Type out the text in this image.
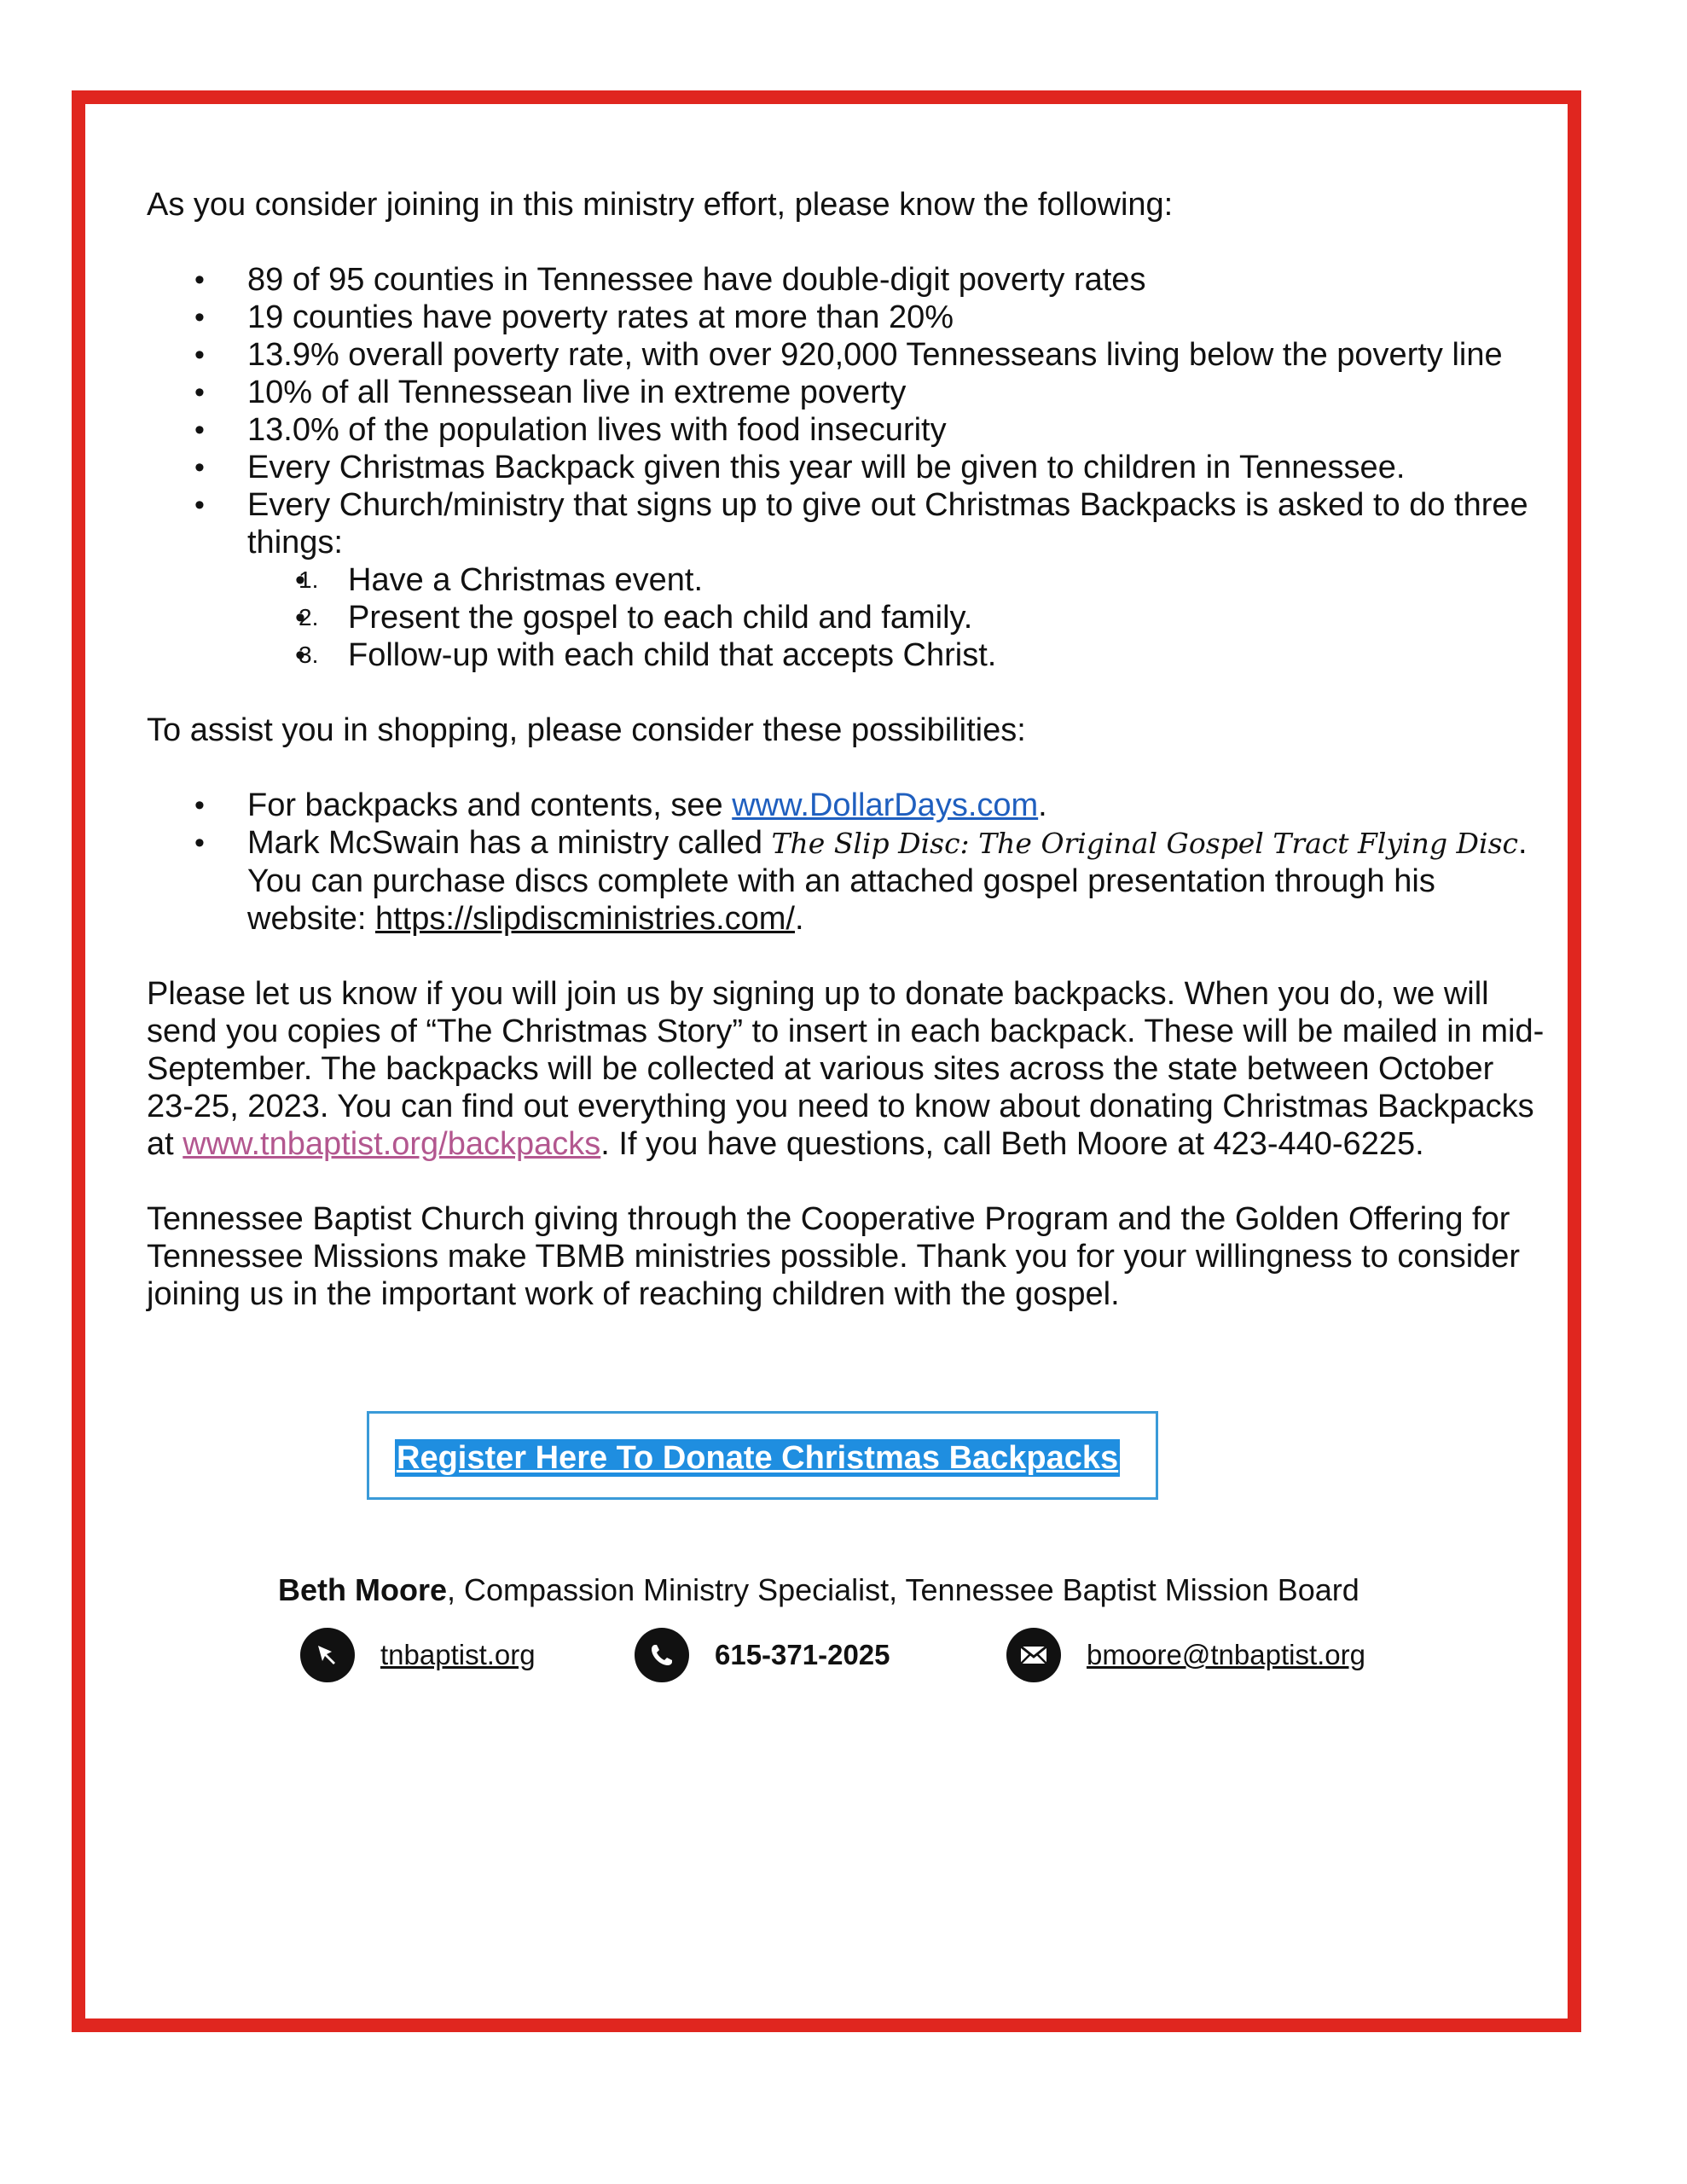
As you consider joining in this ministry effort, please know the following:

• 89 of 95 counties in Tennessee have double-digit poverty rates
• 19 counties have poverty rates at more than 20%
• 13.9% overall poverty rate, with over 920,000 Tennesseans living below the poverty line
• 10% of all Tennessean live in extreme poverty
• 13.0% of the population lives with food insecurity
• Every Christmas Backpack given this year will be given to children in Tennessee.
• Every Church/ministry that signs up to give out Christmas Backpacks is asked to do three things:
• 1. Have a Christmas event.
• 2. Present the gospel to each child and family.
• 3. Follow-up with each child that accepts Christ.

To assist you in shopping, please consider these possibilities:

• For backpacks and contents, see www.DollarDays.com.
• Mark McSwain has a ministry called The Slip Disc: The Original Gospel Tract Flying Disc. You can purchase discs complete with an attached gospel presentation through his website: https://slipdiscministries.com/.

Please let us know if you will join us by signing up to donate backpacks. When you do, we will send you copies of “The Christmas Story” to insert in each backpack. These will be mailed in mid-September. The backpacks will be collected at various sites across the state between October 23-25, 2023. You can find out everything you need to know about donating Christmas Backpacks at www.tnbaptist.org/backpacks. If you have questions, call Beth Moore at 423-440-6225.

Tennessee Baptist Church giving through the Cooperative Program and the Golden Offering for Tennessee Missions make TBMB ministries possible. Thank you for your willingness to consider joining us in the important work of reaching children with the gospel.

Register Here To Donate Christmas Backpacks
Beth Moore, Compassion Ministry Specialist, Tennessee Baptist Mission Board
tnbaptist.org	615-371-2025	bmoore@tnbaptist.org
